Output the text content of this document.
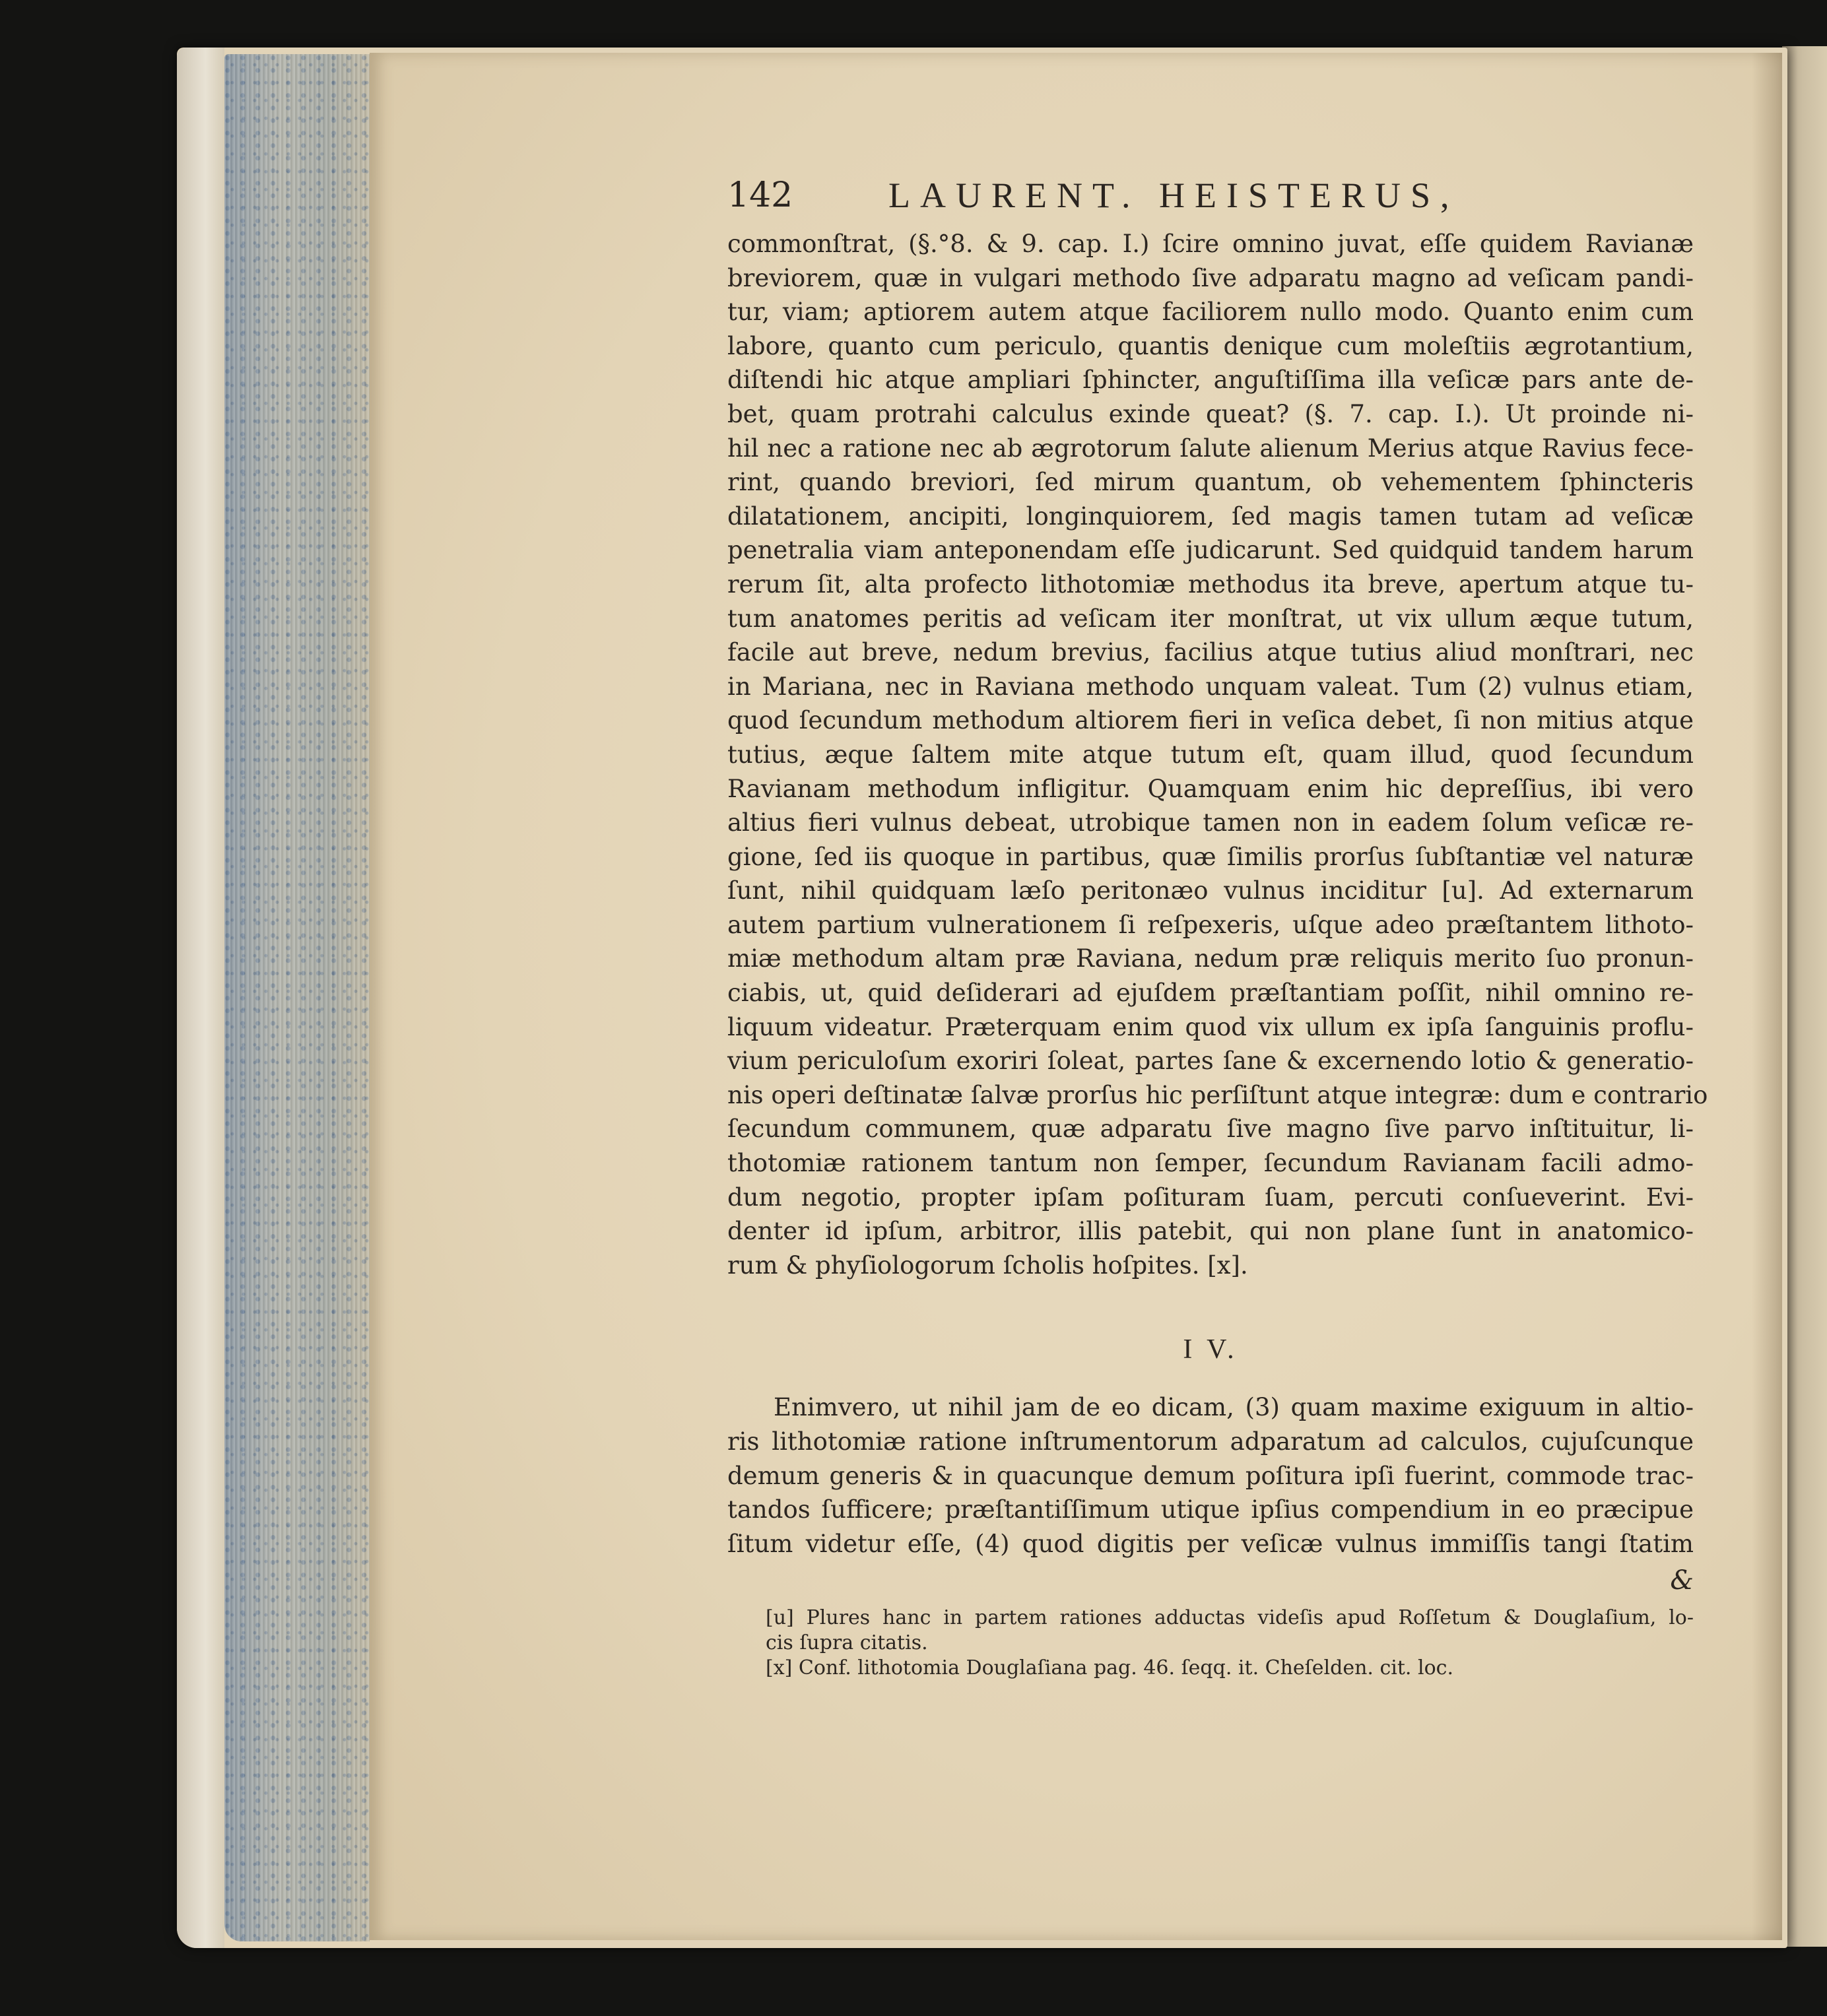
142	LAURENT. HEISTERUS,
commonſtrat, (§.°8. & 9. cap. I.) ſcire omnino juvat, eſſe quidem Ravianæ
breviorem, quæ in vulgari methodo ſive adparatu magno ad veſicam pandi-
tur, viam; aptiorem autem atque faciliorem nullo modo. Quanto enim cum
labore, quanto cum periculo, quantis denique cum moleſtiis ægrotantium,
diſtendi hic atque ampliari ſphincter, anguſtiſſima illa veſicæ pars ante de-
bet, quam protrahi calculus exinde queat? (§. 7. cap. I.). Ut proinde ni-
hil nec a ratione nec ab ægrotorum ſalute alienum Merius atque Ravius fece-
rint, quando breviori, ſed mirum quantum, ob vehementem ſphincteris
dilatationem, ancipiti, longinquiorem, ſed magis tamen tutam ad veſicæ
penetralia viam anteponendam eſſe judicarunt. Sed quidquid tandem harum
rerum ſit, alta profecto lithotomiæ methodus ita breve, apertum atque tu-
tum anatomes peritis ad veſicam iter monſtrat, ut vix ullum æque tutum,
facile aut breve, nedum brevius, facilius atque tutius aliud monſtrari, nec
in Mariana, nec in Raviana methodo unquam valeat. Tum (2) vulnus etiam,
quod ſecundum methodum altiorem fieri in veſica debet, ſi non mitius atque
tutius, æque ſaltem mite atque tutum eſt, quam illud, quod ſecundum
Ravianam methodum infligitur. Quamquam enim hic depreſſius, ibi vero
altius fieri vulnus debeat, utrobique tamen non in eadem ſolum veſicæ re-
gione, ſed iis quoque in partibus, quæ ſimilis prorſus ſubſtantiæ vel naturæ
ſunt, nihil quidquam læſo peritonæo vulnus inciditur [u]. Ad externarum
autem partium vulnerationem ſi reſpexeris, uſque adeo præſtantem lithoto-
miæ methodum altam præ Raviana, nedum præ reliquis merito ſuo pronun-
ciabis, ut, quid deſiderari ad ejuſdem præſtantiam poſſit, nihil omnino re-
liquum videatur. Præterquam enim quod vix ullum ex ipſa ſanguinis proflu-
vium periculoſum exoriri ſoleat, partes ſane & excernendo lotio & generatio-
nis operi deſtinatæ ſalvæ prorſus hic perſiſtunt atque integræ: dum e contrario
ſecundum communem, quæ adparatu ſive magno ſive parvo inſtituitur, li-
thotomiæ rationem tantum non ſemper, ſecundum Ravianam facili admo-
dum negotio, propter ipſam poſituram ſuam, percuti conſueverint. Evi-
denter id ipſum, arbitror, illis patebit, qui non plane ſunt in anatomico-
rum & phyſiologorum ſcholis hoſpites. [x].
I V.
Enimvero, ut nihil jam de eo dicam, (3) quam maxime exiguum in altio-
ris lithotomiæ ratione inſtrumentorum adparatum ad calculos, cujuſcunque
demum generis & in quacunque demum poſitura ipſi fuerint, commode trac-
tandos ſufficere; præſtantiſſimum utique ipſius compendium in eo præcipue
ſitum videtur eſſe, (4) quod digitis per veſicæ vulnus immiſſis tangi ſtatim
&
[u] Plures hanc in partem rationes adductas videſis apud Roſſetum & Douglaſium, lo-
cis ſupra citatis.
[x] Conf. lithotomia Douglaſiana pag. 46. ſeqq. it. Cheſelden. cit. loc.
